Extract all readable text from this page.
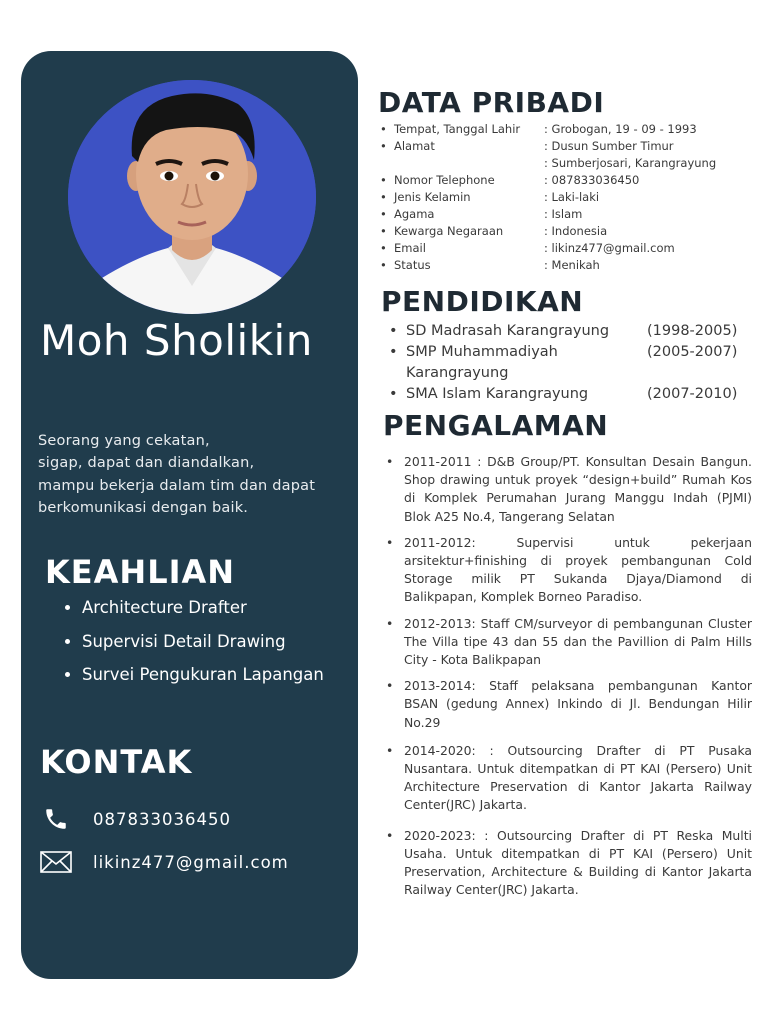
Moh Sholikin
Seorang yang cekatan,
sigap, dapat dan diandalkan,
mampu bekerja dalam tim dan dapat
berkomunikasi dengan baik.
KEAHLIAN
• Architecture Drafter
• Supervisi Detail Drawing
• Survei Pengukuran Lapangan
KONTAK
087833036450
likinz477@gmail.com
DATA PRIBADI
• Tempat, Tanggal Lahir	: Grobogan, 19 - 09 - 1993
• Alamat	: Dusun Sumber Timur
: Sumberjosari, Karangrayung
• Nomor Telephone	: 087833036450
• Jenis Kelamin	: Laki-laki
• Agama	: Islam
• Kewarga Negaraan	: Indonesia
• Email	: likinz477@gmail.com
• Status	: Menikah
PENDIDIKAN
• SD Madrasah Karangrayung	(1998-2005)
• SMP Muhammadiyah Karangrayung
(2005-2007)
• SMA Islam Karangrayung	(2007-2010)
PENGALAMAN
• 2011-2011 : D&B Group/PT. Konsultan Desain Bangun. Shop drawing untuk proyek “design+build” Rumah Kos di Komplek Perumahan Jurang Manggu Indah (PJMI) Blok A25 No.4, Tangerang Selatan
• 2011-2012: Supervisi untuk pekerjaan arsitektur+finishing di proyek pembangunan Cold Storage milik PT Sukanda Djaya/Diamond di Balikpapan, Komplek Borneo Paradiso.
• 2012-2013: Staff CM/surveyor di pembangunan Cluster The Villa tipe 43 dan 55 dan the Pavillion di Palm Hills City - Kota Balikpapan
• 2013-2014: Staff pelaksana pembangunan Kantor BSAN (gedung Annex) Inkindo di Jl. Bendungan Hilir No.29
• 2014-2020: : Outsourcing Drafter di PT Pusaka Nusantara. Untuk ditempatkan di PT KAI (Persero) Unit Architecture Preservation di Kantor Jakarta Railway Center(JRC) Jakarta.
• 2020-2023: : Outsourcing Drafter di PT Reska Multi Usaha. Untuk ditempatkan di PT KAI (Persero) Unit Preservation, Architecture & Building di Kantor Jakarta Railway Center(JRC) Jakarta.
